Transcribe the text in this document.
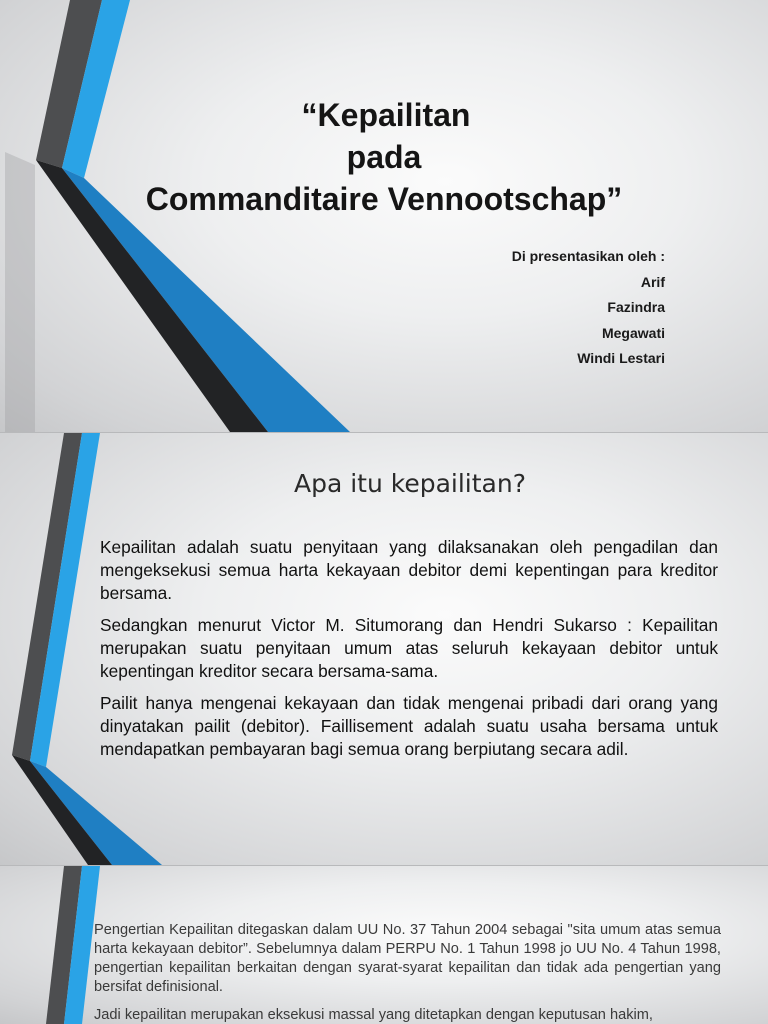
“Kepailitan
pada
Commanditaire Vennootschap”
Di presentasikan oleh :
Arif
Fazindra
Megawati
Windi Lestari
Apa itu kepailitan?

Kepailitan adalah suatu penyitaan yang dilaksanakan oleh pengadilan dan mengeksekusi semua harta kekayaan debitor demi kepentingan para kreditor bersama.

Sedangkan menurut Victor M. Situmorang dan Hendri Sukarso : Kepailitan merupakan suatu penyitaan umum atas seluruh kekayaan debitor untuk kepentingan kreditor secara bersama-sama.

Pailit hanya mengenai kekayaan dan tidak mengenai pribadi dari orang yang dinyatakan pailit (debitor). Faillisement adalah suatu usaha bersama untuk mendapatkan pembayaran bagi semua orang berpiutang secara adil.

Pengertian Kepailitan ditegaskan dalam UU No. 37 Tahun 2004 sebagai "sita umum atas semua harta kekayaan debitor”. Sebelumnya dalam PERPU No. 1 Tahun 1998 jo UU No. 4 Tahun 1998, pengertian kepailitan berkaitan dengan syarat-syarat kepailitan dan tidak ada pengertian yang bersifat definisional.

Jadi kepailitan merupakan eksekusi massal yang ditetapkan dengan keputusan hakim,
